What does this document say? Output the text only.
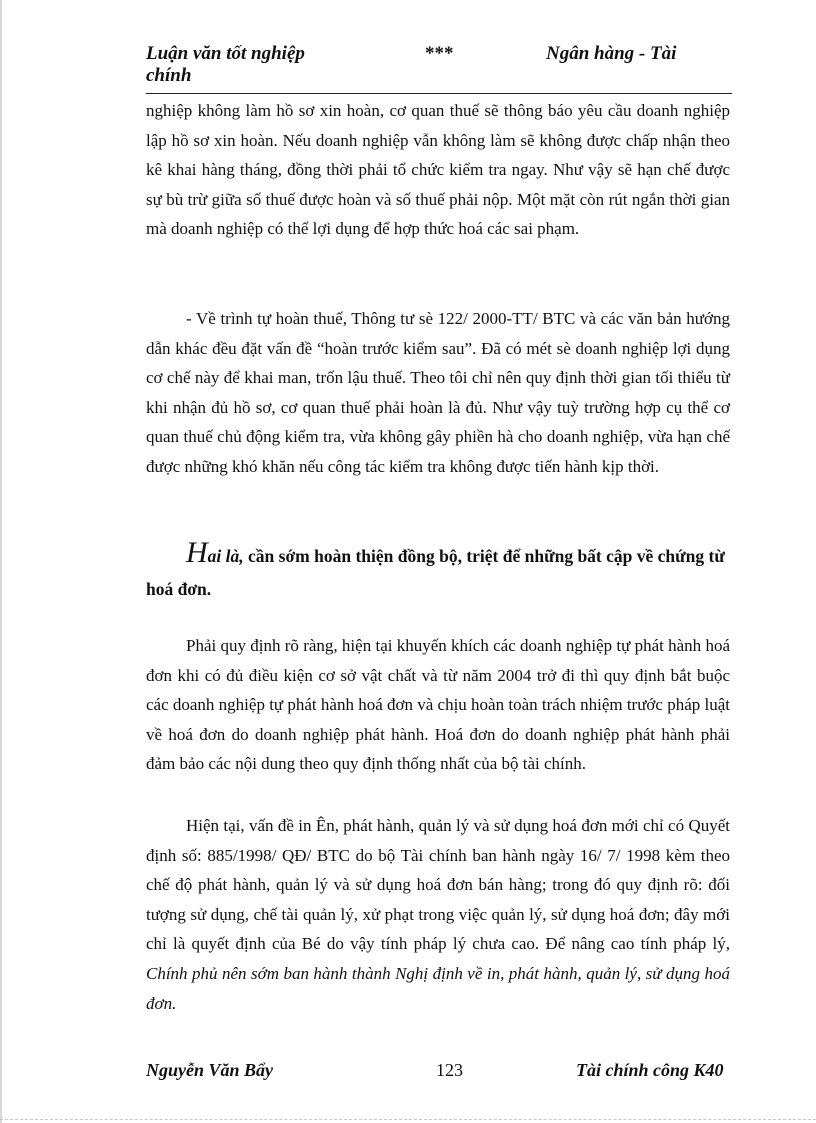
Luận văn tốt nghiệp chính
***	Ngân hàng - Tài

nghiệp không làm hồ sơ xin hoàn, cơ quan thuế sẽ thông báo yêu cầu doanh nghiệp lập hồ sơ xin hoàn. Nếu doanh nghiệp vẫn không làm sẽ không được chấp nhận theo kê khai hàng tháng, đồng thời phải tổ chức kiểm tra ngay. Như vậy sẽ hạn chế được sự bù trừ giữa số thuế được hoàn và số thuế phải nộp. Một mặt còn rút ngắn thời gian mà doanh nghiệp có thể lợi dụng để hợp thức hoá các sai phạm.

- Về trình tự hoàn thuế, Thông tư sè 122/ 2000-TT/ BTC và các văn bản hướng dẫn khác đều đặt vấn đề “hoàn trước kiểm sau”. Đã có mét sè doanh nghiệp lợi dụng cơ chế này để khai man, trốn lậu thuế. Theo tôi chỉ nên quy định thời gian tối thiểu từ khi nhận đủ hồ sơ, cơ quan thuế phải hoàn là đủ. Như vậy tuỳ trường hợp cụ thể cơ quan thuế chủ động kiểm tra, vừa không gây phiền hà cho doanh nghiệp, vừa hạn chế được những khó khăn nếu công tác kiểm tra không được tiến hành kịp thời.

Hai là, cần sớm hoàn thiện đồng bộ, triệt để những bất cập về chứng từ hoá đơn.

Phải quy định rõ ràng, hiện tại khuyến khích các doanh nghiệp tự phát hành hoá đơn khi có đủ điều kiện cơ sở vật chất và từ năm 2004 trở đi thì quy định bắt buộc các doanh nghiệp tự phát hành hoá đơn và chịu hoàn toàn trách nhiệm trước pháp luật về hoá đơn do doanh nghiệp phát hành. Hoá đơn do doanh nghiệp phát hành phải đảm bảo các nội dung theo quy định thống nhất của bộ tài chính.

Hiện tại, vấn đề in Ên, phát hành, quản lý và sử dụng hoá đơn mới chỉ có Quyết định số: 885/1998/ QĐ/ BTC do bộ Tài chính ban hành ngày 16/ 7/ 1998 kèm theo chế độ phát hành, quản lý và sử dụng hoá đơn bán hàng; trong đó quy định rõ: đối tượng sử dụng, chế tài quản lý, xử phạt trong việc quản lý, sử dụng hoá đơn; đây mới chỉ là quyết định của Bé do vậy tính pháp lý chưa cao. Để nâng cao tính pháp lý, Chính phủ nên sớm ban hành thành Nghị định về in, phát hành, quản lý, sử dụng hoá đơn.

Nguyễn Văn Bẩy	123	Tài chính công K40
